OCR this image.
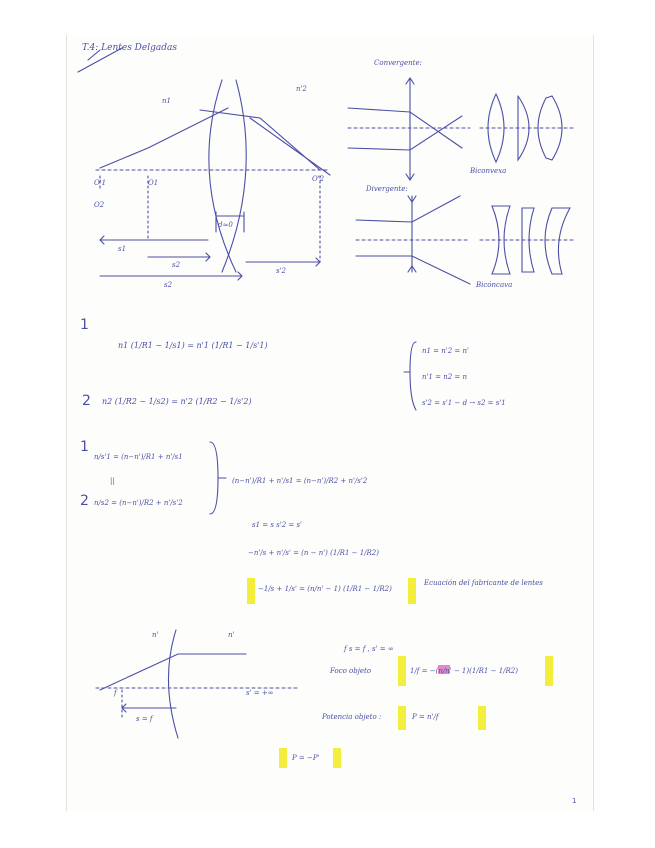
T.4: Lentes Delgadas
n1
n'2
O'1	O1
O2
O'2
d≈0
s1
s2
s2
s'2
Convergente:
Biconvexa
Divergente:
Bicóncava
1
n1 (1/R1 − 1/s1) = n'1 (1/R1 − 1/s'1)
2 n2 (1/R2 − 1/s2) = n'2 (1/R2 − 1/s'2)
n1 = n'2 = n'
n'1 = n2 = n
s'2 = s'1 − d → s2 = s'1
1
n/s'1 = (n−n')/R1 + n'/s1
||
2 n/s2 = (n−n')/R2 + n'/s'2
(n−n')/R1 + n'/s1 = (n−n')/R2 + n'/s'2
s1 = s s'2 = s'
−n'/s + n'/s' = (n − n') (1/R1 − 1/R2)
−1/s + 1/s' = (n/n' − 1) (1/R1 − 1/R2)
Ecuación del fabricante de lentes
n'	n'
f
s = f
s' = +∞
f s = f , s' = ∞
Foco objeto	1/f = −(n/n' − 1)(1/R1 − 1/R2)
Potencia objeto :	P = n'/f
P = −P'
1
